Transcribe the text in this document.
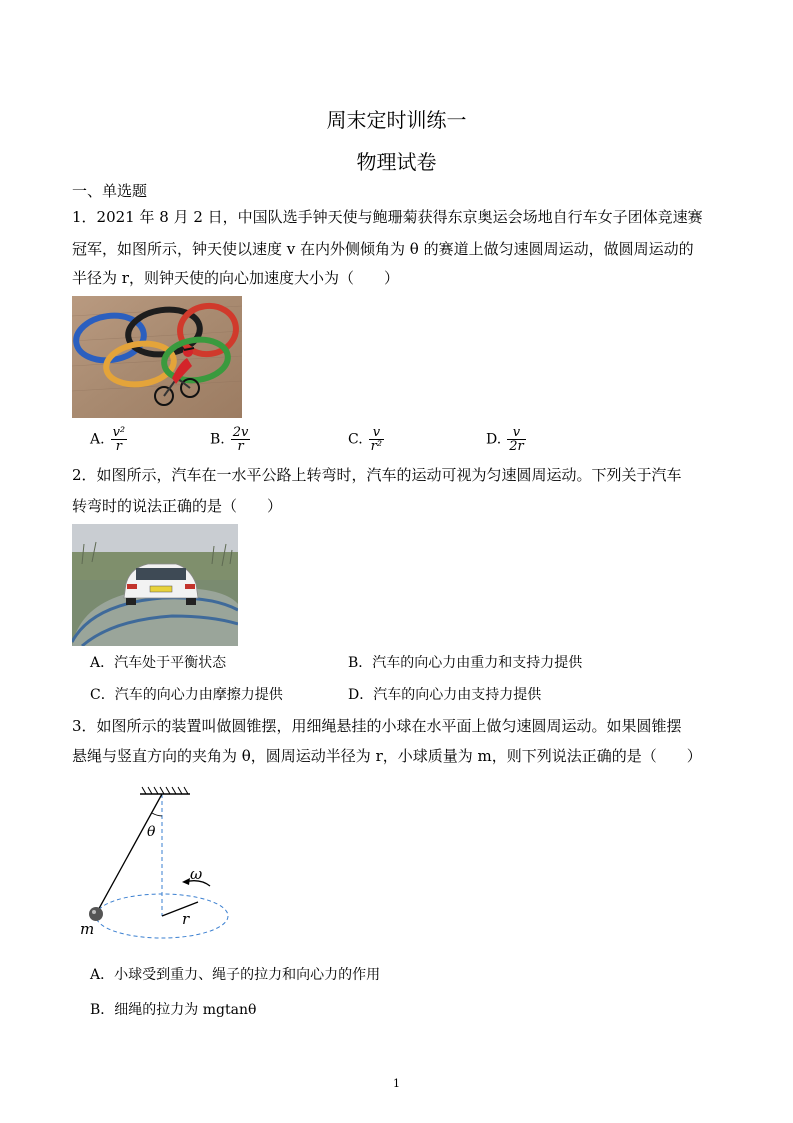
周末定时训练一
物理试卷
一、单选题
1．2021 年 8 月 2 日，中国队选手钟天使与鲍珊菊获得东京奥运会场地自行车女子团体竞速赛
冠军，如图所示，钟天使以速度 v 在内外侧倾角为 θ 的赛道上做匀速圆周运动，做圆周运动的
半径为 r，则钟天使的向心加速度大小为（　　）
A. $\frac{\text{v²}}{r}$	B. $\frac{2v}{r}$	C. $\frac{v}{\text{r²}}$	D. $\frac{v}{2r}$
2．如图所示，汽车在一水平公路上转弯时，汽车的运动可视为匀速圆周运动。下列关于汽车
转弯时的说法正确的是（　　）
A．汽车处于平衡状态	B．汽车的向心力由重力和支持力提供
C．汽车的向心力由摩擦力提供	D．汽车的向心力由支持力提供
3．如图所示的装置叫做圆锥摆，用细绳悬挂的小球在水平面上做匀速圆周运动。如果圆锥摆
悬绳与竖直方向的夹角为 θ，圆周运动半径为 r，小球质量为 m，则下列说法正确的是（　　）
θ
ω
r
m
A．小球受到重力、绳子的拉力和向心力的作用
B．细绳的拉力为 mgtanθ
1
